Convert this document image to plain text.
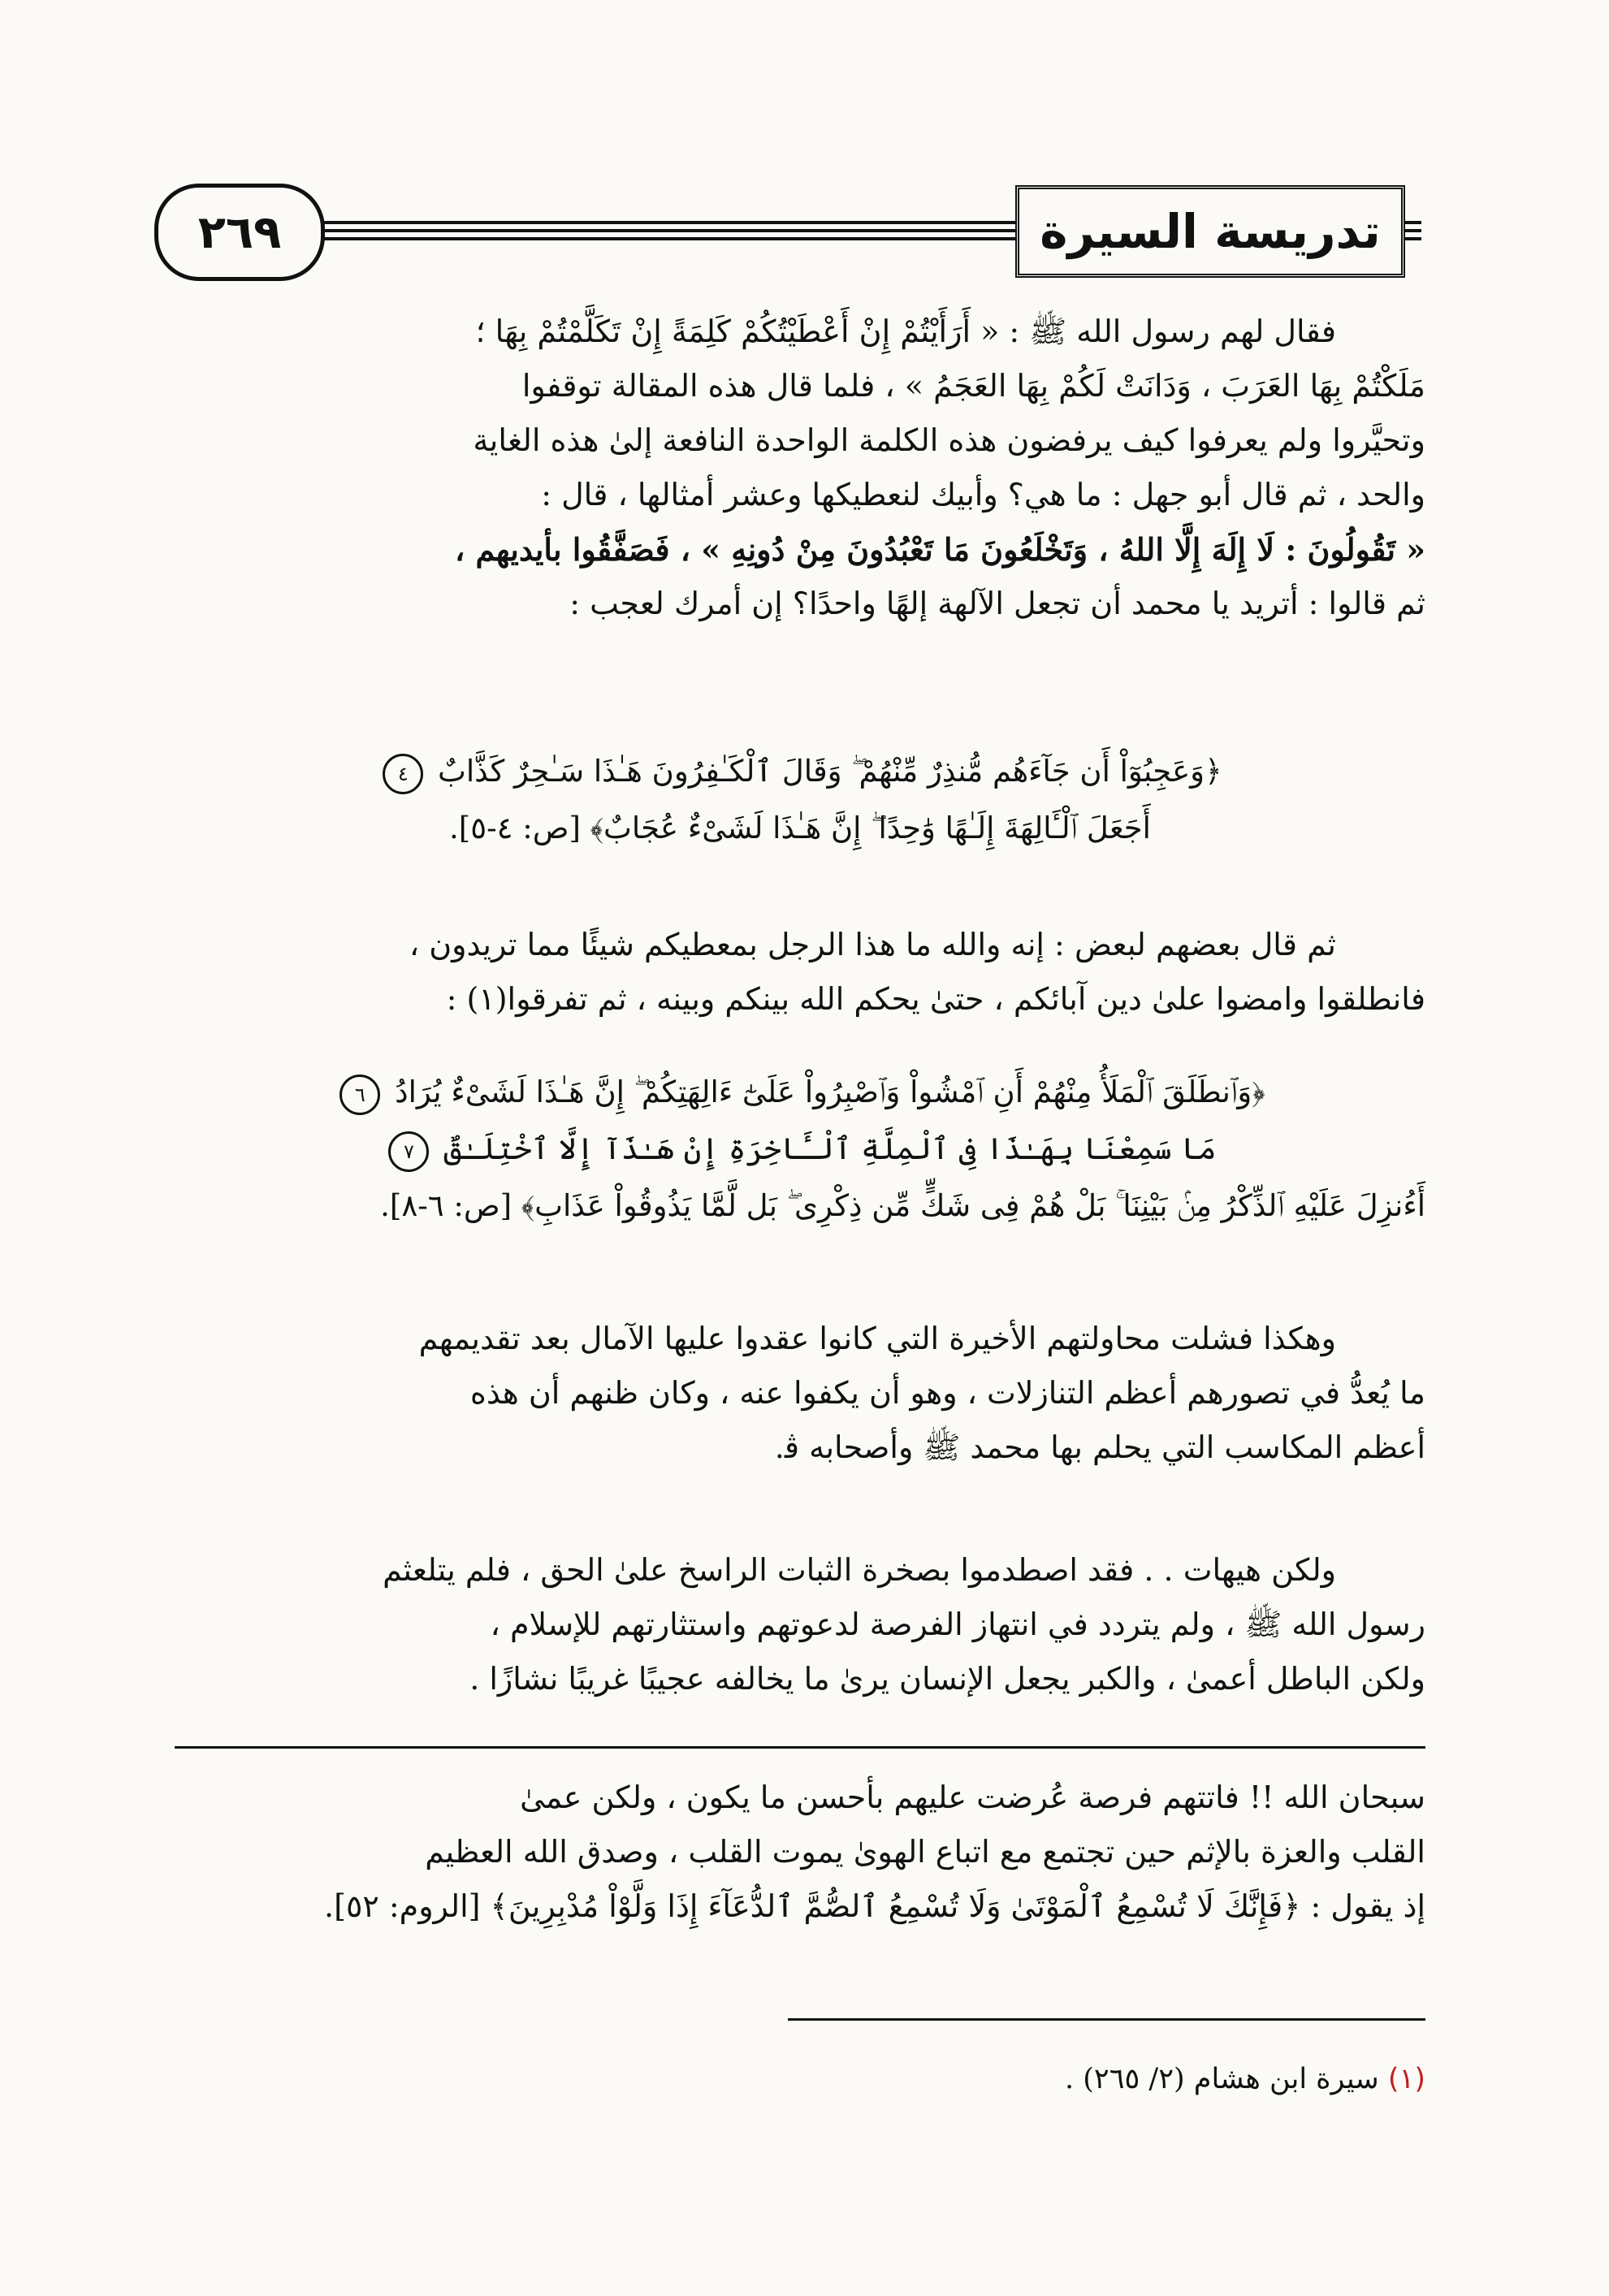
٢٦٩	تدريسة السيرة
فقال لهم رسول الله ﷺ : « أَرَأَيْتُمْ إِنْ أَعْطَيْتُكُمْ كَلِمَةً إِنْ تَكَلَّمْتُمْ بِهَا ؛
مَلَكْتُمْ بِهَا العَرَبَ ، وَدَانَتْ لَكُمْ بِهَا العَجَمُ » ، فلما قال هذه المقالة توقفوا
وتحيَّروا ولم يعرفوا كيف يرفضون هذه الكلمة الواحدة النافعة إلىٰ هذه الغاية
والحد ، ثم قال أبو جهل : ما هي؟ وأبيك لنعطيكها وعشر أمثالها ، قال :
« تَقُولُونَ : لَا إِلَهَ إِلَّا اللهُ ، وَتَخْلَعُونَ مَا تَعْبُدُونَ مِنْ دُونِهِ » ، فَصَفَّقُوا بأيديهم ،
ثم قالوا : أتريد يا محمد أن تجعل الآلهة إلهًا واحدًا؟ إن أمرك لعجب :
﴿وَعَجِبُوٓاْ أَن جَآءَهُم مُّنذِرٌ مِّنْهُمْ ۖ وَقَالَ ٱلْكَـٰفِرُونَ هَـٰذَا سَـٰحِرٌ كَذَّابٌ ٤
أَجَعَلَ ٱلْـَٔالِهَةَ إِلَـٰهًا وَٰحِدًا ۖ إِنَّ هَـٰذَا لَشَىْءٌ عُجَابٌ﴾ [ص: ٤-٥].
ثم قال بعضهم لبعض : إنه والله ما هذا الرجل بمعطيكم شيئًا مما تريدون ،
فانطلقوا وامضوا علىٰ دين آبائكم ، حتىٰ يحكم الله بينكم وبينه ، ثم تفرقوا(١) :
﴿وَٱنطَلَقَ ٱلْمَلَأُ مِنْهُمْ أَنِ ٱمْشُواْ وَٱصْبِرُواْ عَلَىٰٓ ءَالِهَتِكُمْ ۖ إِنَّ هَـٰذَا لَشَىْءٌ يُرَادُ ٦
مَا سَمِعْنَا بِهَـٰذَا فِى ٱلْمِلَّةِ ٱلْـَٔاخِرَةِ إِنْ هَـٰذَآ إِلَّا ٱخْتِلَـٰقٌ ٧
أَءُنزِلَ عَلَيْهِ ٱلذِّكْرُ مِنۢ بَيْنِنَا ۚ بَلْ هُمْ فِى شَكٍّ مِّن ذِكْرِى ۖ بَل لَّمَّا يَذُوقُواْ عَذَابِ﴾ [ص: ٦-٨].
وهكذا فشلت محاولتهم الأخيرة التي كانوا عقدوا عليها الآمال بعد تقديمهم
ما يُعدُّ في تصورهم أعظم التنازلات ، وهو أن يكفوا عنه ، وكان ظنهم أن هذه
أعظم المكاسب التي يحلم بها محمد ﷺ وأصحابه ﭬ.
ولكن هيهات . . فقد اصطدموا بصخرة الثبات الراسخ علىٰ الحق ، فلم يتلعثم
رسول الله ﷺ ، ولم يتردد في انتهاز الفرصة لدعوتهم واستثارتهم للإسلام ،
ولكن الباطل أعمىٰ ، والكبر يجعل الإنسان يرىٰ ما يخالفه عجيبًا غريبًا نشازًا .
سبحان الله !! فاتتهم فرصة عُرضت عليهم بأحسن ما يكون ، ولكن عمىٰ
القلب والعزة بالإثم حين تجتمع مع اتباع الهوىٰ يموت القلب ، وصدق الله العظيم
إذ يقول : ﴿فَإِنَّكَ لَا تُسْمِعُ ٱلْمَوْتَىٰ وَلَا تُسْمِعُ ٱلصُّمَّ ٱلدُّعَآءَ إِذَا وَلَّوْاْ مُدْبِرِينَ﴾ [الروم: ٥٢].
(١) سيرة ابن هشام (٢/ ٢٦٥) .
